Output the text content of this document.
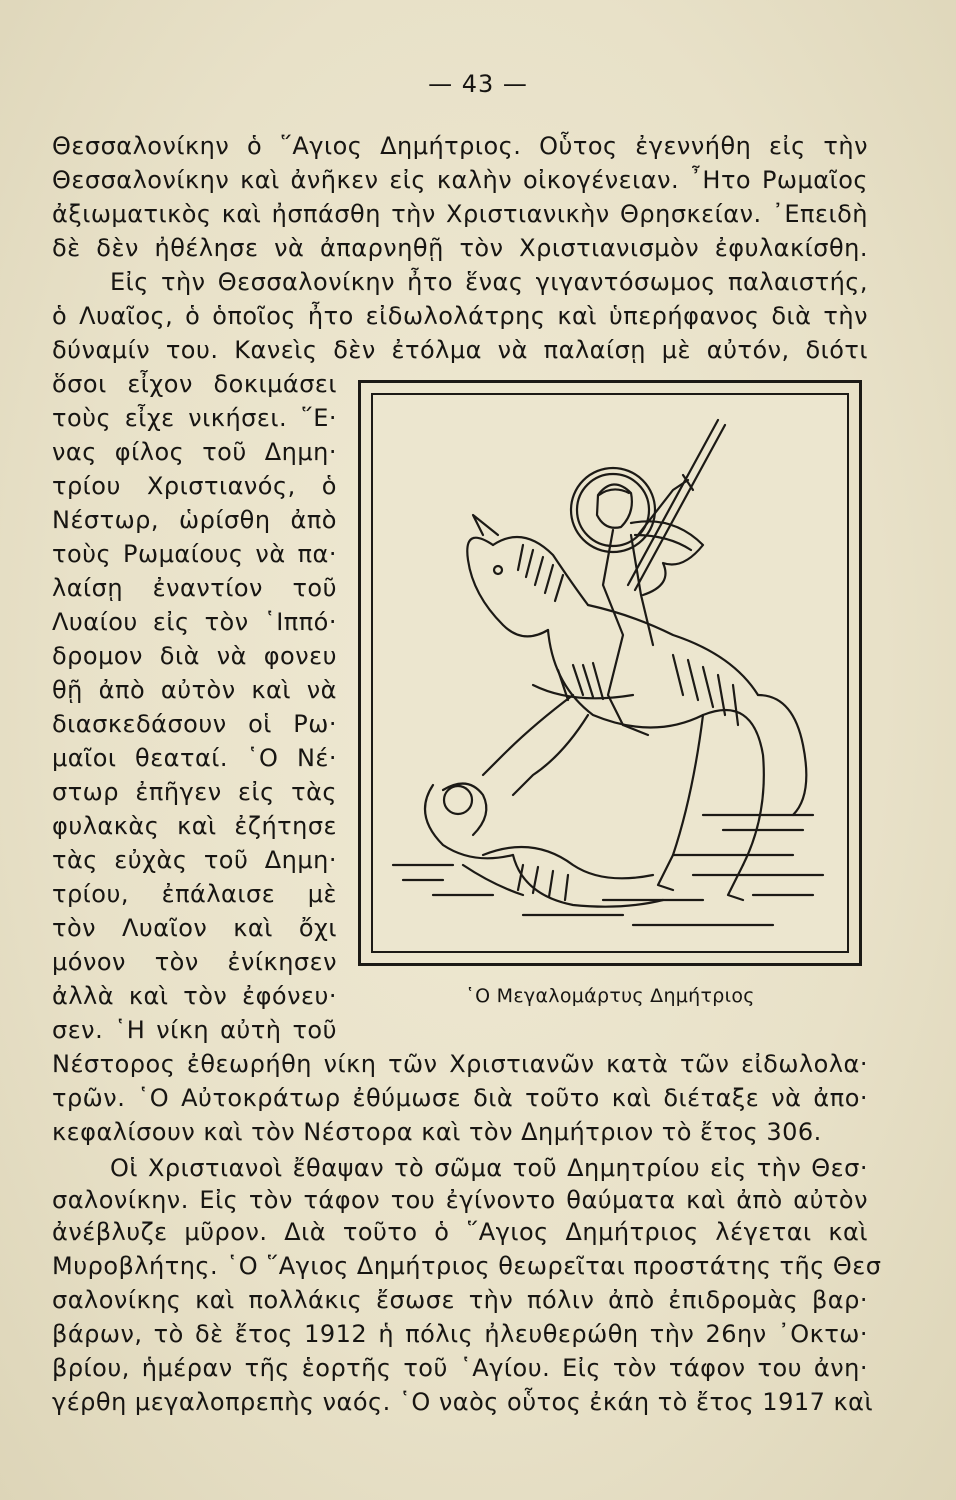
— 43 —
Θεσσαλονίκην ὁ ῞Αγιος Δημήτριος. Οὗτος ἐγεννήθη εἰς τὴν
Θεσσαλονίκην καὶ ἀνῆκεν εἰς καλὴν οἰκογένειαν. ῏Ητο Ρωμαῖος
ἀξιωματικὸς καὶ ἠσπάσθη τὴν Χριστιανικὴν Θρησκείαν. ᾿Επειδὴ
δὲ δὲν ἠθέλησε νὰ ἀπαρνηθῇ τὸν Χριστιανισμὸν ἐφυλακίσθη.
Εἰς τὴν Θεσσαλονίκην ἦτο ἕνας γιγαντόσωμος παλαιστής,
ὁ Λυαῖος, ὁ ὁποῖος ἦτο εἰδωλολάτρης καὶ ὑπερήφανος διὰ τὴν
δύναμίν του. Κανεὶς δὲν ἐτόλμα νὰ παλαίσῃ μὲ αὐτόν, διότι
ὅσοι εἶχον δοκιμάσει
τοὺς εἶχε νικήσει. ῞Ε·
νας φίλος τοῦ Δημη·
τρίου Χριστιανός, ὁ
Νέστωρ, ὡρίσθη ἀπὸ
τοὺς Ρωμαίους νὰ πα·
λαίσῃ ἐναντίον τοῦ
Λυαίου εἰς τὸν ῾Ιππό·
δρομον διὰ νὰ φονευ
θῇ ἀπὸ αὐτὸν καὶ νὰ
διασκεδάσουν οἱ Ρω·
μαῖοι θεαταί. ῾Ο Νέ·
στωρ ἐπῆγεν εἰς τὰς
φυλακὰς καὶ ἐζήτησε
τὰς εὐχὰς τοῦ Δημη·
τρίου, ἐπάλαισε μὲ
τὸν Λυαῖον καὶ ὄχι
μόνον τὸν ἐνίκησεν
ἀλλὰ καὶ τὸν ἐφόνευ·
σεν. ῾Η νίκη αὐτὴ τοῦ
῾Ο Μεγαλομάρτυς Δημήτριος
Νέστορος ἐθεωρήθη νίκη τῶν Χριστιανῶν κατὰ τῶν εἰδωλολα·
τρῶν. ῾Ο Αὐτοκράτωρ ἐθύμωσε διὰ τοῦτο καὶ διέταξε νὰ ἀπο·
κεφαλίσουν καὶ τὸν Νέστορα καὶ τὸν Δημήτριον τὸ ἔτος 306.
Οἱ Χριστιανοὶ ἔθαψαν τὸ σῶμα τοῦ Δημητρίου εἰς τὴν Θεσ·
σαλονίκην. Εἰς τὸν τάφον του ἐγίνοντο θαύματα καὶ ἀπὸ αὐτὸν
ἀνέβλυζε μῦρον. Διὰ τοῦτο ὁ ῞Αγιος Δημήτριος λέγεται καὶ
Μυροβλήτης. ῾Ο ῞Αγιος Δημήτριος θεωρεῖται προστάτης τῆς Θεσ
σαλονίκης καὶ πολλάκις ἔσωσε τὴν πόλιν ἀπὸ ἐπιδρομὰς βαρ·
βάρων, τὸ δὲ ἔτος 1912 ἡ πόλις ἠλευθερώθη τὴν 26ην ᾿Οκτω·
βρίου, ἡμέραν τῆς ἑορτῆς τοῦ ῾Αγίου. Εἰς τὸν τάφον του ἀνη·
γέρθη μεγαλοπρεπὴς ναός. ῾Ο ναὸς οὗτος ἐκάη τὸ ἔτος 1917 καὶ
